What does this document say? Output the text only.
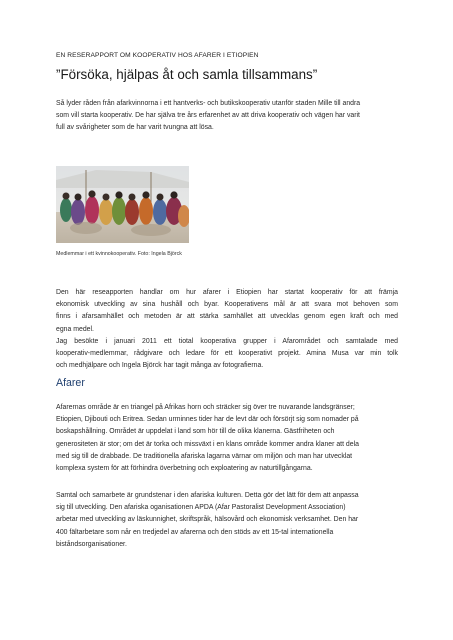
EN RESERAPPORT OM KOOPERATIV HOS AFARER I ETIOPIEN
”Försöka, hjälpas åt och samla tillsammans”
Så lyder råden från afarkvinnorna i ett hantverks- och butikskooperativ utanför staden Mille till andra
som vill starta kooperativ. De har själva tre års erfarenhet av att driva kooperativ och vägen har varit
full av svårigheter som de har varit tvungna att lösa.
Medlemmar i ett kvinnokooperativ. Foto: Ingela Björck
Den här reseapporten handlar om hur afarer i Etiopien har startat kooperativ för att främja
ekonomisk utveckling av sina hushåll och byar. Kooperativens mål är att svara mot behoven som
finns i afarsamhället och metoden är att stärka samhället att utvecklas genom egen kraft och med
egna medel.
Jag besökte i januari 2011 ett tiotal kooperativa grupper i Afarområdet och samtalade med
kooperativ-medlemmar, rådgivare och ledare för ett kooperativt projekt. Amina Musa var min tolk
och medhjälpare och Ingela Björck har tagit många av fotografierna.
Afarer
Afarernas område är en triangel på Afrikas horn och sträcker sig över tre nuvarande landsgränser;
Etiopien, Djibouti och Eritrea. Sedan urminnes tider har de levt där och försörjt sig som nomader på
boskapshållning. Området är uppdelat i land som hör till de olika klanerna. Gästfriheten och
generositeten är stor; om det är torka och missväxt i en klans område kommer andra klaner att dela
med sig till de drabbade. De traditionella afariska lagarna värnar om miljön och man har utvecklat
komplexa system för att förhindra överbetning och exploatering av naturtillgångarna.
Samtal och samarbete är grundstenar i den afariska kulturen. Detta gör det lätt för dem att anpassa
sig till utveckling. Den afariska oganisationen APDA (Afar Pastoralist Development Association)
arbetar med utveckling av läskunnighet, skriftspråk, hälsovård och ekonomisk verksamhet. Den har
400 fältarbetare som når en tredjedel av afarerna och den stöds av ett 15-tal internationella
biståndsorganisationer.
